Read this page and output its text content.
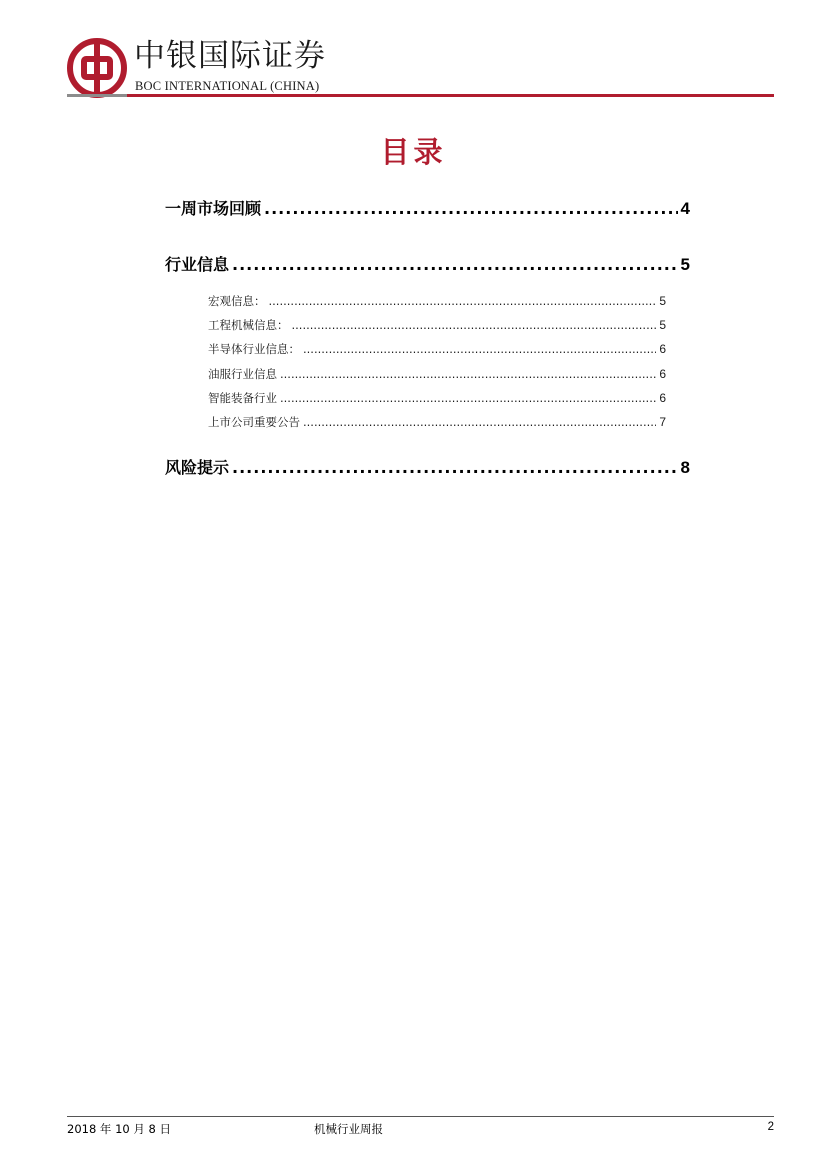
中银国际证券
BOC INTERNATIONAL (CHINA)
目录
一周市场回顾 .....	4
行业信息 .....	5
宏观信息： .....	5
工程机械信息： .....	5
半导体行业信息： .....	6
油服行业信息 .....	6
智能装备行业 .....	6
上市公司重要公告 .....	7
风险提示 .....	8
2018 年 10 月 8 日	机械行业周报	2
